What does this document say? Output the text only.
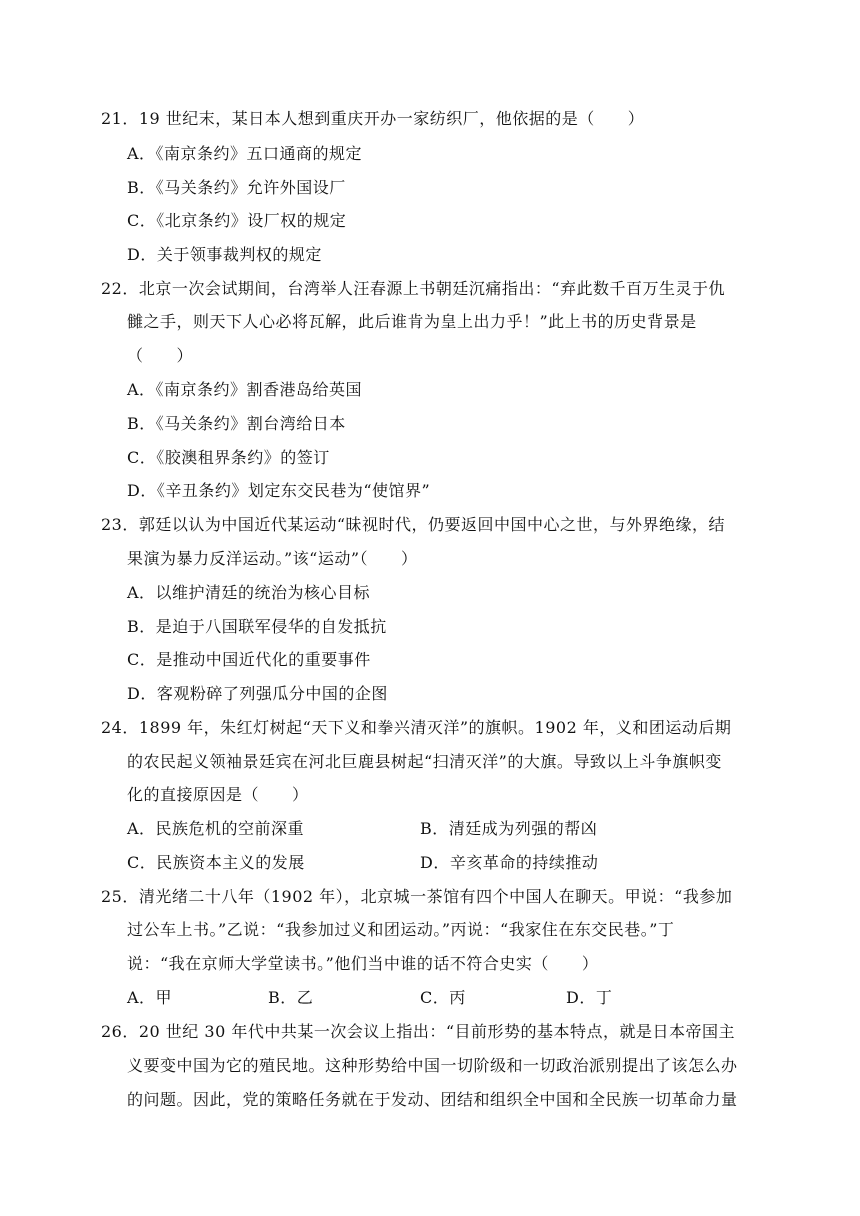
21．19 世纪末，某日本人想到重庆开办一家纺织厂，他依据的是（　　）
A．《南京条约》五口通商的规定
B．《马关条约》允许外国设厂
C．《北京条约》设厂权的规定
D．关于领事裁判权的规定
22．北京一次会试期间，台湾举人汪春源上书朝廷沉痛指出：“弃此数千百万生灵于仇
雠之手，则天下人心必将瓦解，此后谁肯为皇上出力乎！”此上书的历史背景是
（　　）
A．《南京条约》割香港岛给英国
B．《马关条约》割台湾给日本
C．《胶澳租界条约》的签订
D．《辛丑条约》划定东交民巷为“使馆界”
23．郭廷以认为中国近代某运动“昧视时代，仍要返回中国中心之世，与外界绝缘，结
果演为暴力反洋运动。”该“运动”（　　）
A．以维护清廷的统治为核心目标
B．是迫于八国联军侵华的自发抵抗
C．是推动中国近代化的重要事件
D．客观粉碎了列强瓜分中国的企图
24．1899 年，朱红灯树起“天下义和拳兴清灭洋”的旗帜。1902 年，义和团运动后期
的农民起义领袖景廷宾在河北巨鹿县树起“扫清灭洋”的大旗。导致以上斗争旗帜变
化的直接原因是（　　）
A．民族危机的空前深重	B．清廷成为列强的帮凶
C．民族资本主义的发展	D．辛亥革命的持续推动
25．清光绪二十八年（1902 年），北京城一茶馆有四个中国人在聊天。甲说：“我参加
过公车上书。”乙说：“我参加过义和团运动。”丙说：“我家住在东交民巷。”丁
说：“我在京师大学堂读书。”他们当中谁的话不符合史实（　　）
A．甲	B．乙	C．丙	D．丁
26．20 世纪 30 年代中共某一次会议上指出：“目前形势的基本特点，就是日本帝国主
义要变中国为它的殖民地。这种形势给中国一切阶级和一切政治派别提出了该怎么办
的问题。因此，党的策略任务就在于发动、团结和组织全中国和全民族一切革命力量
